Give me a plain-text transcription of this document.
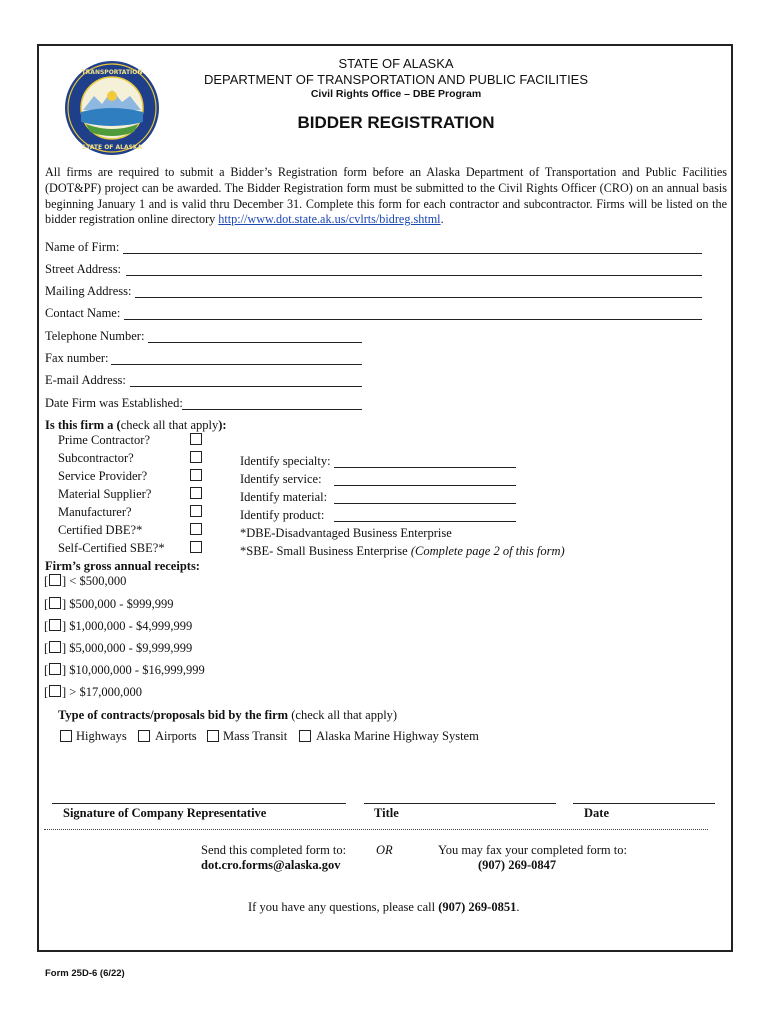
TRANSPORTATION
STATE OF ALASKA
STATE OF ALASKA
DEPARTMENT OF TRANSPORTATION AND PUBLIC FACILITIES
Civil Rights Office – DBE Program
BIDDER REGISTRATION
All firms are required to submit a Bidder’s Registration form before an Alaska Department of Transportation and Public Facilities (DOT&PF) project can be awarded. The Bidder Registration form must be submitted to the Civil Rights Officer (CRO) on an annual basis beginning January 1 and is valid thru December 31. Complete this form for each contractor and subcontractor. Firms will be listed on the bidder registration online directory http://www.dot.state.ak.us/cvlrts/bidreg.shtml.
Name of Firm:
Street Address:
Mailing Address:
Contact Name:
Telephone Number:
Fax number:
E-mail Address:
Date Firm was Established:
Is this firm a (check all that apply):
Prime Contractor?
Subcontractor?
Service Provider?
Material Supplier?
Manufacturer?
Certified DBE?*
Self-Certified SBE?*
Identify specialty:
Identify service:
Identify material:
Identify product:
*DBE-Disadvantaged Business Enterprise
*SBE- Small Business Enterprise (Complete page 2 of this form)
Firm’s gross annual receipts:
[ ] < $500,000
[ ] $500,000 - $999,999
[ ] $1,000,000 - $4,999,999
[ ] $5,000,000 - $9,999,999
[ ] $10,000,000 - $16,999,999
[ ] > $17,000,000
Type of contracts/proposals bid by the firm (check all that apply)
Highways Airports Mass Transit Alaska Marine Highway System
Signature of Company Representative	Title	Date
Send this completed form to:
dot.cro.forms@alaska.gov
OR	You may fax your completed form to:
(907) 269-0847
If you have any questions, please call (907) 269-0851.
Form 25D-6 (6/22)
